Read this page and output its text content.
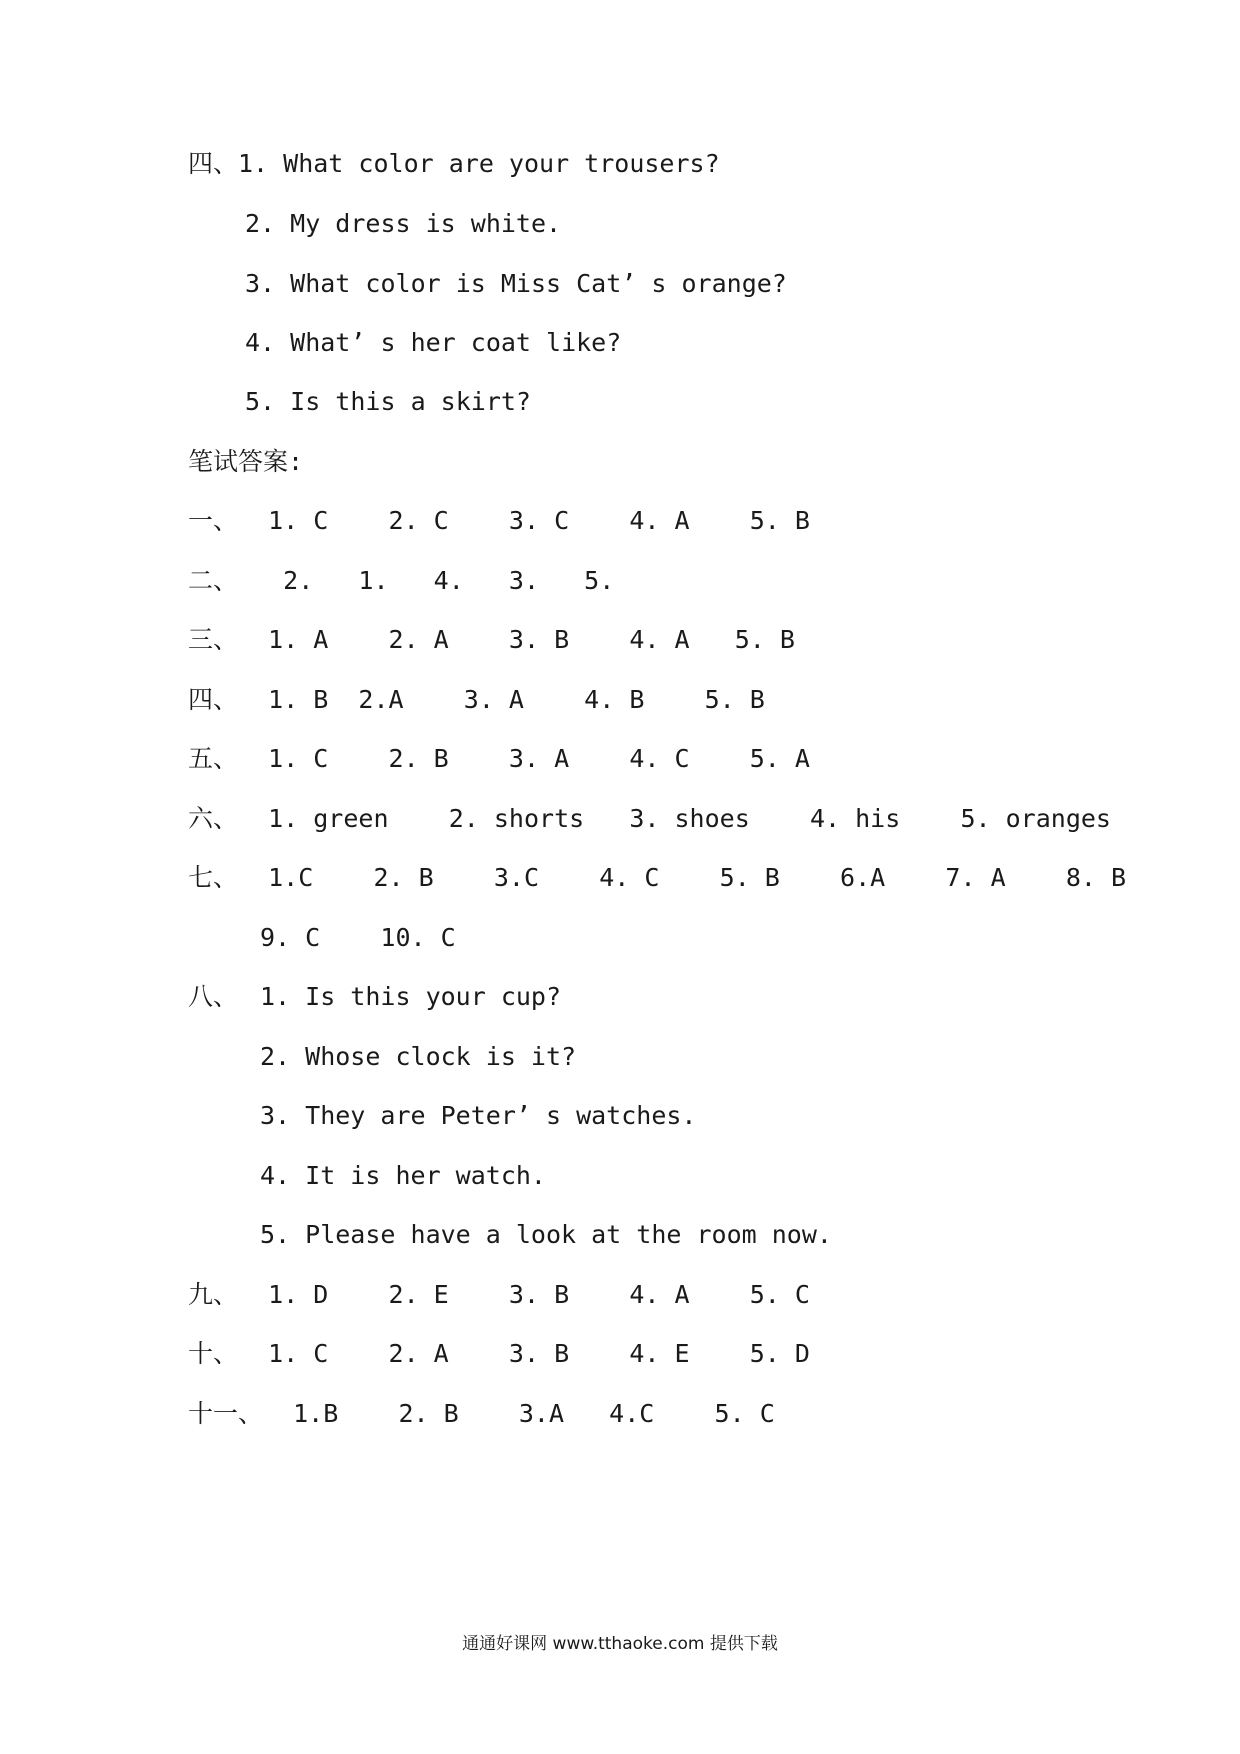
四、1. What color are your trousers?
2. My dress is white.
3. What color is Miss Cat’ s orange?
4. What’ s her coat like?
5. Is this a skirt?
笔试答案:
一、  1. C    2. C    3. C    4. A    5. B
二、   2.   1.   4.   3.   5.
三、  1. A    2. A    3. B    4. A   5. B
四、  1. B  2.A    3. A    4. B    5. B
五、  1. C    2. B    3. A    4. C    5. A
六、  1. green    2. shorts   3. shoes    4. his    5. oranges
七、  1.C    2. B    3.C    4. C    5. B    6.A    7. A    8. B
9. C    10. C
八、 1. Is this your cup?
2. Whose clock is it?
3. They are Peter’ s watches.
4. It is her watch.
5. Please have a look at the room now.
九、  1. D    2. E    3. B    4. A    5. C
十、  1. C    2. A    3. B    4. E    5. D
十一、  1.B    2. B    3.A   4.C    5. C
通通好课网 www.tthaoke.com 提供下载
